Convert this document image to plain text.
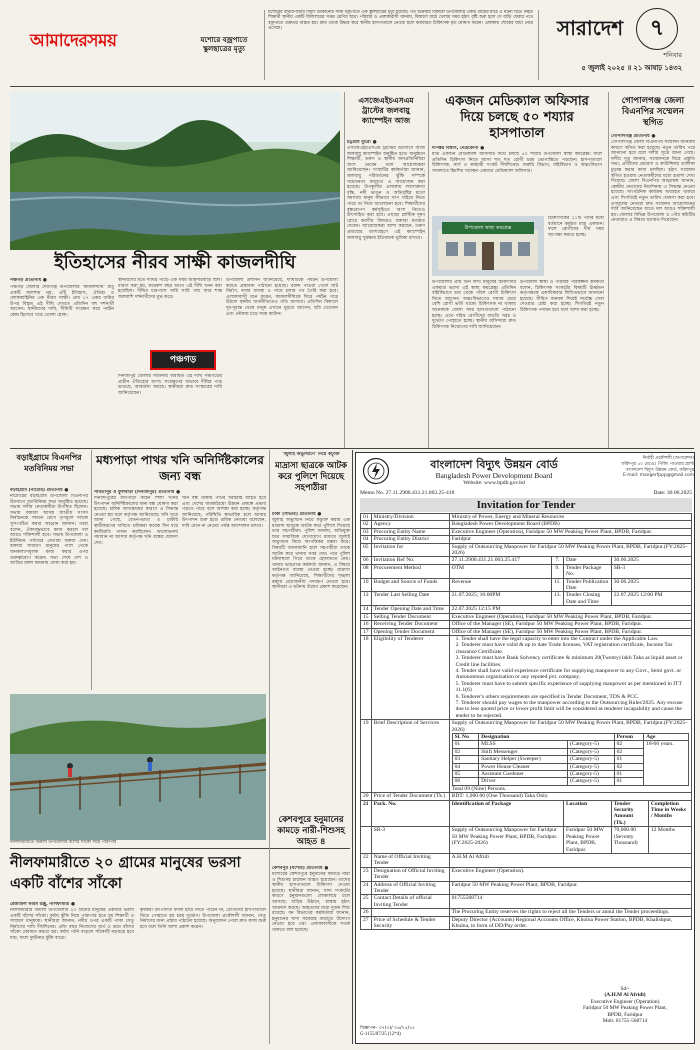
আমাদেরসময়	যশোরে বজ্রপাতে স্কুলছাত্রের মৃত্যু
যশোরের বাঘারপাড়ায় বিদ্যুৎ চমকানোর সময় বজ্রপাতে এক স্কুলছাত্রের মৃত্যু হয়েছে। গত শুক্রবার বিকালে উপজেলার একটি গ্রামের মাঠে এ ঘটনা ঘটে। নিহত শিক্ষার্থী স্থানীয় একটি বিদ্যালয়ের সপ্তম শ্রেণির ছাত্র। পরিবার ও এলাকাবাসী জানায়, বিকালে মাঠে খেলার সময় হঠাৎ বৃষ্টি শুরু হলে সে বাড়ি ফেরার পথে বজ্রপাতে গুরুতর আহত হয়। দ্রুত তাকে উদ্ধার করে স্থানীয় হাসপাতালে নেওয়া হলে কর্তব্যরত চিকিৎসক মৃত ঘোষণা করেন। এলাকায় শোকের ছায়া নেমে এসেছে।	সারাদেশ	৭
শনিবার
৫ জুলাই ২০২৫ ॥ ২১ আষাঢ় ১৪৩২
ইতিহাসের নীরব সাক্ষী কাজলদীঘি
পঞ্চগড় প্রতিনিধি ●
পঞ্চগড় জেলার দেবীগঞ্জ উপজেলার 'কাজলদীঘি' শুধু একটি জলাশয় নয়, এটি ইতিহাস, ঐতিহ্য ও লোককাহিনির এক নীরব সাক্ষী। প্রায় ১৭ একর জমির উপর বিস্তৃত এই দীঘি দেখতে প্রতিদিন বহু দর্শনার্থী আসেন। স্থানীয়দের দাবি, দীঘিটি সংরক্ষণ করে পর্যটন কেন্দ্র হিসেবে গড়ে তোলা হোক।
স্থানীয়দের মতে দীঘির পাড়ে এক সময় জমিদারবাড়ি ছিল। ধারণা করা হয়, কয়েকশ বছর আগে এই দীঘি খনন করা হয়েছিল। দীঘির চারপাশে সারি সারি গাছ আর শান্ত জলরাশি দর্শনার্থীদের মুগ্ধ করে।
পঞ্চগড়
দিনাজপুর জেলার সীমানায় অবস্থিত এই দীঘি পঞ্চগড়ের প্রাচীন ঐতিহ্যের অংশ। সংরক্ষণের অভাবে দীঘির পাড় ভাঙছে, আবর্জনা জমছে। স্থানীয়রা দ্রুত সংস্কারের দাবি জানিয়েছেন।
উপজেলা প্রশাসন জানিয়েছে, দীঘিটিকে পর্যটন উপযোগী করতে প্রস্তাবনা পাঠানো হয়েছে। বরাদ্দ পাওয়া গেলে ঘাট নির্মাণ, বসার ব্যবস্থা ও পায়ে চলার পথ তৈরি করা হবে। এলাকাবাসী মনে করেন, কাজলদীঘিকে ঘিরে পর্যটন গড়ে উঠলে স্থানীয় অর্থনীতিতেও গতি আসবে। প্রতিদিন বিকালে দূর-দূরান্ত থেকে মানুষ এখানে ঘুরতে আসেন, ছবি তোলেন এবং নৌকায় চড়ে সময় কাটান।
এসজেএইচএসএম ট্রাস্টের জলবায়ু ক্যাম্পেইন আজ
চট্টগ্রাম ব্যুরো ●
এসজেএইচএসএম ট্রাস্টের উদ্যোগে আজ জলবায়ু ক্যাম্পেইন অনুষ্ঠিত হবে। অনুষ্ঠানে শিক্ষার্থী, তরুণ ও স্থানীয় জনপ্রতিনিধিরা অংশ নেবেন বলে আয়োজকরা জানিয়েছেন। সংস্থাটির কর্মকর্তারা জানান, জলবায়ু পরিবর্তনের ঝুঁকি সম্পর্কে সচেতনতা বাড়াতে এ আয়োজন করা হয়েছে। উপকূলীয় এলাকায় লবণাক্ততা বৃদ্ধি, নদী ভাঙন ও অতিবৃষ্টির মতো সমস্যায় মানুষ কীভাবে খাপ খাইয়ে নিতে পারে তা নিয়ে আলোচনা হবে। শিক্ষার্থীদের বৃক্ষরোপণ কর্মসূচিতে অংশ নিতেও উৎসাহিত করা হবে। এছাড়া প্লাস্টিক দূষণ রোধে করণীয় বিষয়েও বক্তারা মতামত দেবেন। আয়োজকরা আশা করছেন, তরুণ প্রজন্মের অংশগ্রহণে এই ক্যাম্পেইন জলবায়ু সুরক্ষায় ইতিবাচক ভূমিকা রাখবে।
একজন মেডিক্যাল অফিসার দিয়ে চলছে ৫০ শয্যার হাসপাতাল
দীপঙ্কর বিশ্বাস, নেত্রকোনা ●
মাত্র একজন মেডিক্যাল অফিসার দিয়ে চলছে ৫০ শয্যার উপজেলা স্বাস্থ্য কমপ্লেক্স। ফলে প্রতিদিন চিকিৎসা নিতে আসা শত শত রোগী চরম ভোগান্তিতে পড়ছেন। হাসপাতালে চিকিৎসক, নার্স ও কর্মচারী সংকট দীর্ঘদিনের। জরুরি বিভাগ, বহির্বিভাগ ও অন্তঃবিভাগ সামলাতে হিমশিম খাচ্ছেন একমাত্র মেডিক্যাল অফিসার।
উপজেলা স্বাস্থ্য কমপ্লেক্স
চিকিৎসকের ২১টি পদের মধ্যে বর্তমানে কর্মরত মাত্র একজন। ফলে রোগীদের দীর্ঘ সময় অপেক্ষা করতে হচ্ছে।
উপজেলার প্রায় তিন লাখ মানুষের চিকিৎসার একমাত্র ভরসা এই স্বাস্থ্য কমপ্লেক্স। প্রতিদিন বহির্বিভাগে চার থেকে পাঁচশ রোগী চিকিৎসা নিতে আসেন। অন্তঃবিভাগেও শয্যার চেয়ে বেশি রোগী ভর্তি থাকে। চিকিৎসক না থাকায় অনেককে জেলা সদর হাসপাতালে পাঠানো হচ্ছে। এতে দরিদ্র রোগীদের বাড়তি খরচ ও দুর্ভোগ পোহাতে হচ্ছে। স্থানীয় বাসিন্দারা দ্রুত চিকিৎসক নিয়োগের দাবি জানিয়েছেন।
উপজেলা স্বাস্থ্য ও পরিবার পরিকল্পনা কর্মকর্তা বলেন, চিকিৎসক সংকটের বিষয়টি ঊর্ধ্বতন কর্তৃপক্ষকে একাধিকবার লিখিতভাবে জানানো হয়েছে। সীমিত জনবল দিয়েই সর্বোচ্চ সেবা দেওয়ার চেষ্টা করা হচ্ছে। শিগগিরই নতুন চিকিৎসক পদায়ন হবে বলে আশা করা হচ্ছে।
গোপালগঞ্জ জেলা বিএনপির সম্মেলন স্থগিত
গোপালগঞ্জ প্রতিনিধি ●
গোপালগঞ্জ জেলা বিএনপির সম্মেলন অনিবার্য কারণে স্থগিত করা হয়েছে। নতুন তারিখ পরে জানানো হবে বলে দলীয় সূত্রে জানা গেছে। দলীয় সূত্র জানায়, সম্মেলনকে ঘিরে প্রস্তুতি সভা, প্রার্থীদের প্রচারণা ও কাউন্সিলর তালিকা চূড়ান্ত করার কাজ চলছিল। হঠাৎ সম্মেলন স্থগিত হওয়ায় নেতাকর্মীদের মধ্যে হতাশা দেখা দিয়েছে। জেলা বিএনপির আহ্বায়ক জানান, কেন্দ্রীয় নেতাদের নির্দেশনায় এ সিদ্ধান্ত নেওয়া হয়েছে। সাংগঠনিক কার্যক্রম অব্যাহত থাকবে এবং শিগগিরই নতুন তারিখ ঘোষণা করা হবে। তৃণমূলের নেতারা দ্রুত সম্মেলন আয়োজনের দাবি জানিয়েছেন যাতে দল আরও শক্তিশালী হয়। জেলার বিভিন্ন উপজেলা ও পৌর কমিটির নেতারাও এ বিষয়ে মতামত দিয়েছেন।
বড়াইগ্রামে বিএনপির মতবিনিময় সভা
বড়াইগ্রাম (নাটোর) প্রতিনিধি ●
নাটোরের বড়াইগ্রাম উপজেলা বিএনপির উদ্যোগে মতবিনিময় সভা অনুষ্ঠিত হয়েছে। সভায় দলীয় নেতাকর্মীরা উপস্থিত ছিলেন। সভায় বক্তারা আসন্ন জাতীয় সংসদ নির্বাচনকে সামনে রেখে তৃণমূলে দলকে সুসংগঠিত করার আহ্বান জানান। তারা বলেন, ঐক্যবদ্ধভাবে কাজ করলে দল আরও শক্তিশালী হবে। সভায় উপজেলা ও ইউনিয়ন পর্যায়ের নেতারা বক্তব্য দেন। বক্তারা সাধারণ মানুষের পাশে থেকে জনকল্যাণমূলক কাজ করার ওপর গুরুত্বারোপ করেন। সভা শেষে দেশ ও জাতির মঙ্গল কামনায় দোয়া করা হয়।
মধ্যপাড়া পাথর খনি অনির্দিষ্টকালের জন্য বন্ধ
পার্বতীপুর ও ফুলবাড়ী (দিনাজপুর) প্রতিনিধি ●
দিনাজপুরের মধ্যপাড়া কঠিন শিলা খনির উৎপাদন অনির্দিষ্টকালের জন্য বন্ধ ঘোষণা করা হয়েছে। শ্রমিক অসন্তোষের কারণে এ সিদ্ধান্ত নেওয়া হয় বলে কর্তৃপক্ষ জানিয়েছে। খনি সূত্রে জানা গেছে, বেতন-ভাতা ও চাকরি স্থায়ীকরণের দাবিতে শ্রমিকরা কয়েক দিন ধরে কর্মবিরতি পালন করছিলেন। আলোচনায় সমাধান না আসায় কর্তৃপক্ষ খনি বন্ধের ঘোষণা দেয়।
খনি বন্ধ থাকায় পাথর সরবরাহ ব্যাহত হবে এবং দেশের অবকাঠামো উন্নয়ন প্রকল্পে প্রভাব পড়তে পারে বলে আশঙ্কা করা হচ্ছে। কর্তৃপক্ষ জানিয়েছে, পরিস্থিতি স্বাভাবিক হলে আবার উৎপাদন শুরু হবে। শ্রমিক নেতারা বলেছেন, দাবি মেনে না নেওয়া পর্যন্ত আন্দোলন চলবে।
'জুলাই অভ্যুত্থানে' নিয়ে কটূক্তি
মাদ্রাসা ছাত্রকে আটক করে পুলিশে দিয়েছে সহপাঠীরা
ঢাকা (সাভার) প্রতিনিধি ●
জুলাই অভ্যুত্থান নিয়ে কটূক্তি করায় এক মাদ্রাসা ছাত্রকে আটক করে পুলিশে দিয়েছে তার সহপাঠীরা। পুলিশ জানায়, অভিযুক্ত ছাত্র সামাজিক যোগাযোগ মাধ্যমে জুলাই অভ্যুত্থান নিয়ে আপত্তিকর মন্তব্য করে। বিষয়টি জানাজানি হলে সহপাঠীরা তাকে আটক করে থানায় খবর দেয়। পরে পুলিশ ঘটনাস্থলে গিয়ে তাকে হেফাজতে নেয়। থানার ভারপ্রাপ্ত কর্মকর্তা জানান, এ বিষয়ে আইনগত ব্যবস্থা নেওয়া হচ্ছে। মাদ্রাসা কর্তৃপক্ষ জানিয়েছে, শিক্ষার্থীদের শৃঙ্খলা রক্ষায় প্রয়োজনীয় পদক্ষেপ নেওয়া হবে। স্থানীয়রা এ ঘটনায় উদ্বেগ প্রকাশ করেছেন।
নীলফামারীতে ডিমলা উপজেলার বাঁশের সাঁকো দিয়ে পারাপার
নীলফামারীতে ২০ গ্রামের মানুষের ভরসা একটি বাঁশের সাঁকো
রেজাউল করিম রঞ্জু, নীলফামারী ●
নীলফামারীর ডিমলা উপজেলার ২০ গ্রামের মানুষের একমাত্র ভরসা একটি বাঁশের সাঁকো। বর্ষায় ঝুঁকি নিয়ে পারাপার হতে হয় শিক্ষার্থী ও সাধারণ মানুষকে। স্থানীয়রা জানান, নদীর ওপর একটি পাকা সেতু নির্মাণের দাবি দীর্ঘদিনের। প্রতি বছর নিজেদের অর্থ ও শ্রমে বাঁশের সাঁকো মেরামত করতে হয়। বর্ষায় পানি বাড়লে সাঁকোটি নড়বড়ে হয়ে যায়, ফলে দুর্ঘটনার ঝুঁকি বাড়ে।
কৃষকরা উৎপাদিত ফসল হাটে নিতে পারেন না, রোগীদের হাসপাতালে নিতে পোহাতে হয় চরম দুর্ভোগ। উপজেলা প্রকৌশলী জানান, সেতু নির্মাণের জন্য প্রস্তাব পাঠানো হয়েছে। অনুমোদন পেলে দ্রুত কাজ শুরু হবে বলে তিনি আশা প্রকাশ করেন।
কেশবপুরে হনুমানের কামড়ে নারী-শিশুসহ আহত ৪
কেশবপুর (যশোর) প্রতিনিধি ●
যশোরের কেশবপুরে হনুমানের কামড়ে নারী ও শিশুসহ চারজন আহত হয়েছেন। তাদের স্থানীয় হাসপাতালে চিকিৎসা দেওয়া হয়েছে। স্থানীয়রা জানান, খাদ্য সংকটের কারণে হনুমানগুলো লোকালয়ে চলে আসছে। বাড়ির উঠানে, রাস্তায় হঠাৎ আক্রমণ করছে। আহতদের মধ্যে দুজন শিশু রয়েছে। বন বিভাগের কর্মকর্তারা জানান, হনুমানের খাদ্য সরবরাহ বাড়াতে উদ্যোগ নেওয়া হবে এবং এলাকাবাসীকে সতর্ক থাকতে বলা হয়েছে।
বাংলাদেশ বিদ্যুৎ উন্নয়ন বোর্ড
Bangladesh Power Development Board
Website: www.bpdb.gov.bd
নির্বাহী প্রকৌশলী (অপারেশন)
ফরিদপুর ৫০ মেঃওঃ পিকিং পাওয়ার প্ল্যান্ট
বাংলাদেশ বিদ্যুৎ উন্নয়ন বোর্ড, ফরিদপুর
E-mail: mangerfppp@gmail.com
Memo No. 27.11.2900.431.21.003.25-418	Date: 30.06.2025
Invitation for Tender
01	Ministry/Division	Ministry of Power, Energy and Mineral Resources
02	Agency	Bangladesh Power Development Board (BPDB)
03	Procuring Entity Name	Executive Engineer (Operation), Faridpur 50 MW Peaking Power Plant, BPDB, Faridpur.
04	Procuring Entity District	Faridpur
05	Invitation for	Supply of Outsourcing Manpower for Faridpur 50 MW Peaking Power Plant, BPDB, Faridpur.(FY:2025-2026)
06	Invitation Ref No.	27.11.2900.431.21.003.25.417	7.	Date	30.06.2025
08	Procurement Method	OTM	9.	Tender Package No.	SR-3
10	Budget and Source of Funds	Revenue	11.	Tender Publication Date	30.06.2025
12	Tender Last Selling Date	21.07.2025, 16:00PM	13.	Tender Closing Date and Time	22.07.2025 12:00 PM
14	Tender Opening Date and Time	22.07.2025 12:15 PM
15	Selling Tender Document	Executive Engineer (Operation), Faridpur 50 MW Peaking Power Plant, BPDB, Faridpur.
16	Receiving Tender Document	Office of the Manager (SE), Faridpur 50 MW Peaking Power Plant, BPDB, Faridpur.
17	Opening Tender Document	Office of the Manager (SE), Faridpur 50 MW Peaking Power Plant, BPDB, Faridpur.
18	Eligibility of Tenderer	1. Tender shall have the legal capacity to enter into the Contract under the Applicable Law.
2. Tenderer must have valid & up to date Trade licenses, VAT registration certificate, Income Tax clearance Certificate.
3. Tenderer must have Bank Solvency certificate & minimum 20(Twenty) lakh Taka as liquid asset or Credit line facilities.
4. Tender shall have valid experience certificate for supplying manpower to any Govt., Semi govt. or Autonomous organization or any reputed pvt. company.
5. Tenderer must have to submit specific experience of supplying manpower as per mentioned in ITT 11.1(6)
6. Tenderer's others requirements are specified in Tender Document, TDS & PCC.
7. Tenderer should pay wages to the manpower according to the Outsourcing Rules'2025. Any excuse due to less quoted price or lower profit limit will be considered as tenderer incapability and cause the tender to be rejected.

19	Brief Description of Services	Supply of Outsourcing Manpower for Faridpur 50 MW Peaking Power Plant, BPDB, Faridpur.(FY:2025-2026)
Sl. No	Designation	Person	Age
01	MLSS	(Category-5)	02	18-60 years.
02	Shift Messenger	(Category-5)	02
03	Sanitary Helper (Sweeper)	(Category-5)	01
04	Power House Cleaner	(Category-5)	02
05	Assistant Gardener	(Category-5)	01
06	Driver	(Category-5)	01
Total 09 (Nine) Persons.

20	Price of Tender Document (Tk.)	BDT: 1,000.00 (One Thousand) Taka Only.
21	Pack. No.	Identification of Package	Location	Tender Security Amount (Tk.)	Completion Time in Weeks / Months
	SR-3	Supply of Outsourcing Manpower for Faridpur 50 MW Peaking Power Plant, BPDB, Faridpur. (FY:2025-2026)	Faridpur 50 MW Peaking Power Plant, BPDB, Faridpur.	70,000.00 (Seventy Thousand)	12 Months
22	Name of Official Inviting Tender	A.H.M Al Afridi
23	Designation of Official Inviting Tender	Executive Engineer (Operation).
24	Address of Official Inviting Tender	Faridpur 50 MW Peaking Power Plant, BPDB, Faridpur.
25	Contact Details of official Inviting Tender	01755568714
26		The Procuring Entity reserves the rights to reject all the Tenders or annul the Tender proceedings.
27	Price of Schedule & Tender Security	Deputy Director (Accounts) Regional Accounts Office, Khulna Power Station, BPDB, Khalishpur, Khulna, in form of DD/Pay order.
Sd/-
(A.H.M Al Afridi)
Executive Engineer (Operation)
Faridpur 50 MW Peaking Power Plant,
BPDB, Faridpur
Mob: 01755-568714
বিজ্ঞাপন- ৩৭(৩)/ ০৬/০৫/২৫
G-1155/07/25 (12*4)
